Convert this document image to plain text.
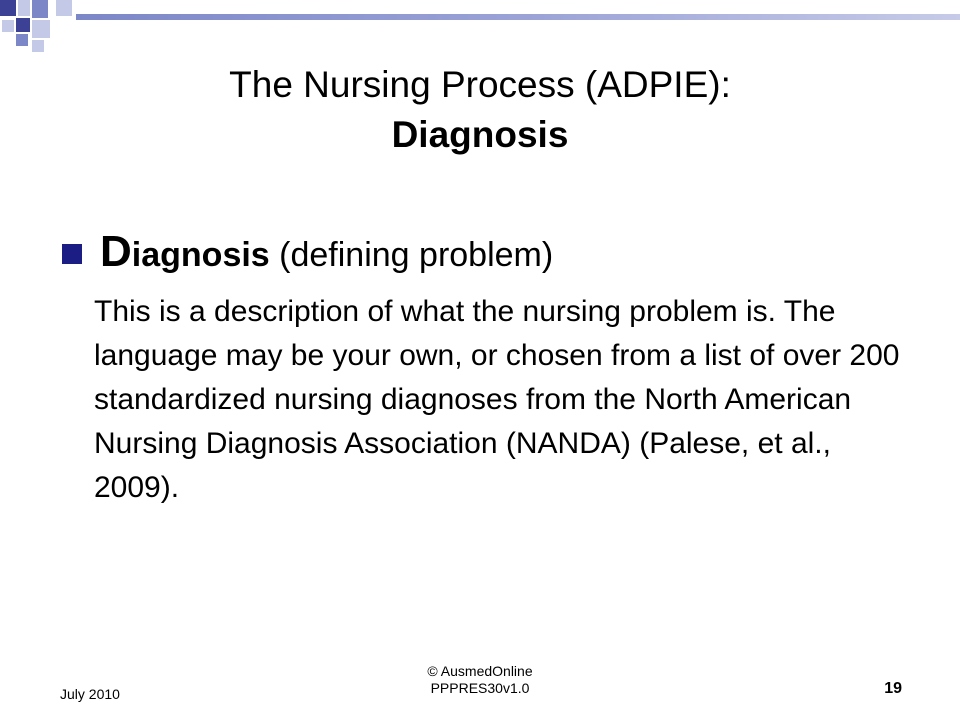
The Nursing Process (ADPIE):
Diagnosis
Diagnosis (defining problem)

This is a description of what the nursing problem is. The language may be your own, or chosen from a list of over 200 standardized nursing diagnoses from the North American Nursing Diagnosis Association (NANDA) (Palese, et al., 2009).

July 2010
© AusmedOnline
PPPRES30v1.0	19
